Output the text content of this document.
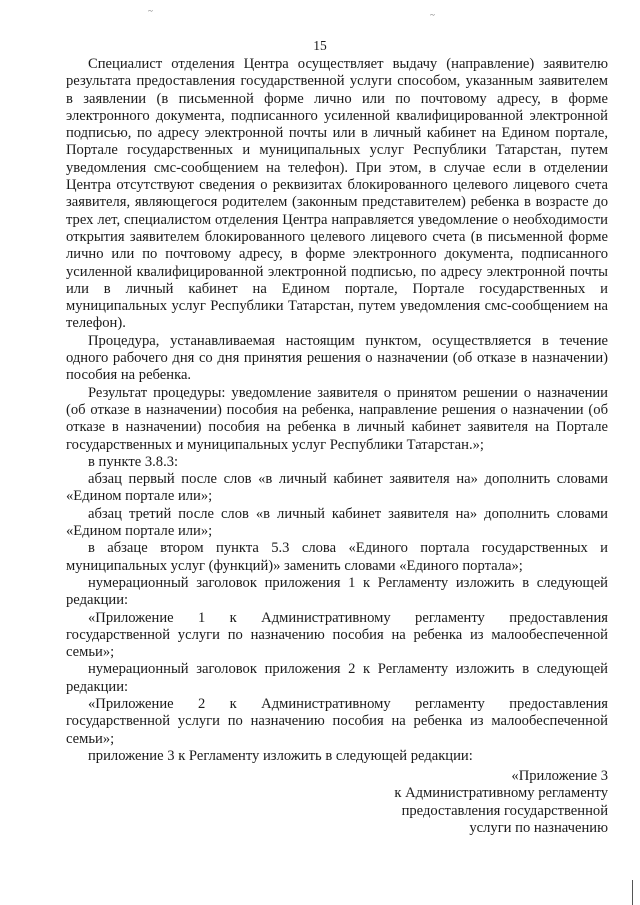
~	~
15

Специалист отделения Центра осуществляет выдачу (направление) заявителю результата предоставления государственной услуги способом, указанным заявителем в заявлении (в письменной форме лично или по почтовому адресу, в форме электронного документа, подписанного усиленной квалифицированной электронной подписью, по адресу электронной почты или в личный кабинет на Едином портале, Портале государственных и муниципальных услуг Республики Татарстан, путем уведомления смс-сообщением на телефон). При этом, в случае если в отделении Центра отсутствуют сведения о реквизитах блокированного целевого лицевого счета заявителя, являющегося родителем (законным представителем) ребенка в возрасте до трех лет, специалистом отделения Центра направляется уведомление о необходимости открытия заявителем блокированного целевого лицевого счета (в письменной форме лично или по почтовому адресу, в форме электронного документа, подписанного усиленной квалифицированной электронной подписью, по адресу электронной почты или в личный кабинет на Едином портале, Портале государственных и муниципальных услуг Республики Татарстан, путем уведомления смс-сообщением на телефон).

Процедура, устанавливаемая настоящим пунктом, осуществляется в течение одного рабочего дня со дня принятия решения о назначении (об отказе в назначении) пособия на ребенка.

Результат процедуры: уведомление заявителя о принятом решении о назначении (об отказе в назначении) пособия на ребенка, направление решения о назначении (об отказе в назначении) пособия на ребенка в личный кабинет заявителя на Портале государственных и муниципальных услуг Республики Татарстан.»;

в пункте 3.8.3:

абзац первый после слов «в личный кабинет заявителя на» дополнить словами «Едином портале или»;

абзац третий после слов «в личный кабинет заявителя на» дополнить словами «Едином портале или»;

в абзаце втором пункта 5.3 слова «Единого портала государственных и муниципальных услуг (функций)» заменить словами «Единого портала»;

нумерационный заголовок приложения 1 к Регламенту изложить в следующей редакции:

«Приложение 1 к Административному регламенту предоставления государственной услуги по назначению пособия на ребенка из малообеспеченной семьи»;

нумерационный заголовок приложения 2 к Регламенту изложить в следующей редакции:

«Приложение 2 к Административному регламенту предоставления государственной услуги по назначению пособия на ребенка из малообеспеченной семьи»;

приложение 3 к Регламенту изложить в следующей редакции:

«Приложение 3
к Административному регламенту
предоставления государственной
услуги по назначению
